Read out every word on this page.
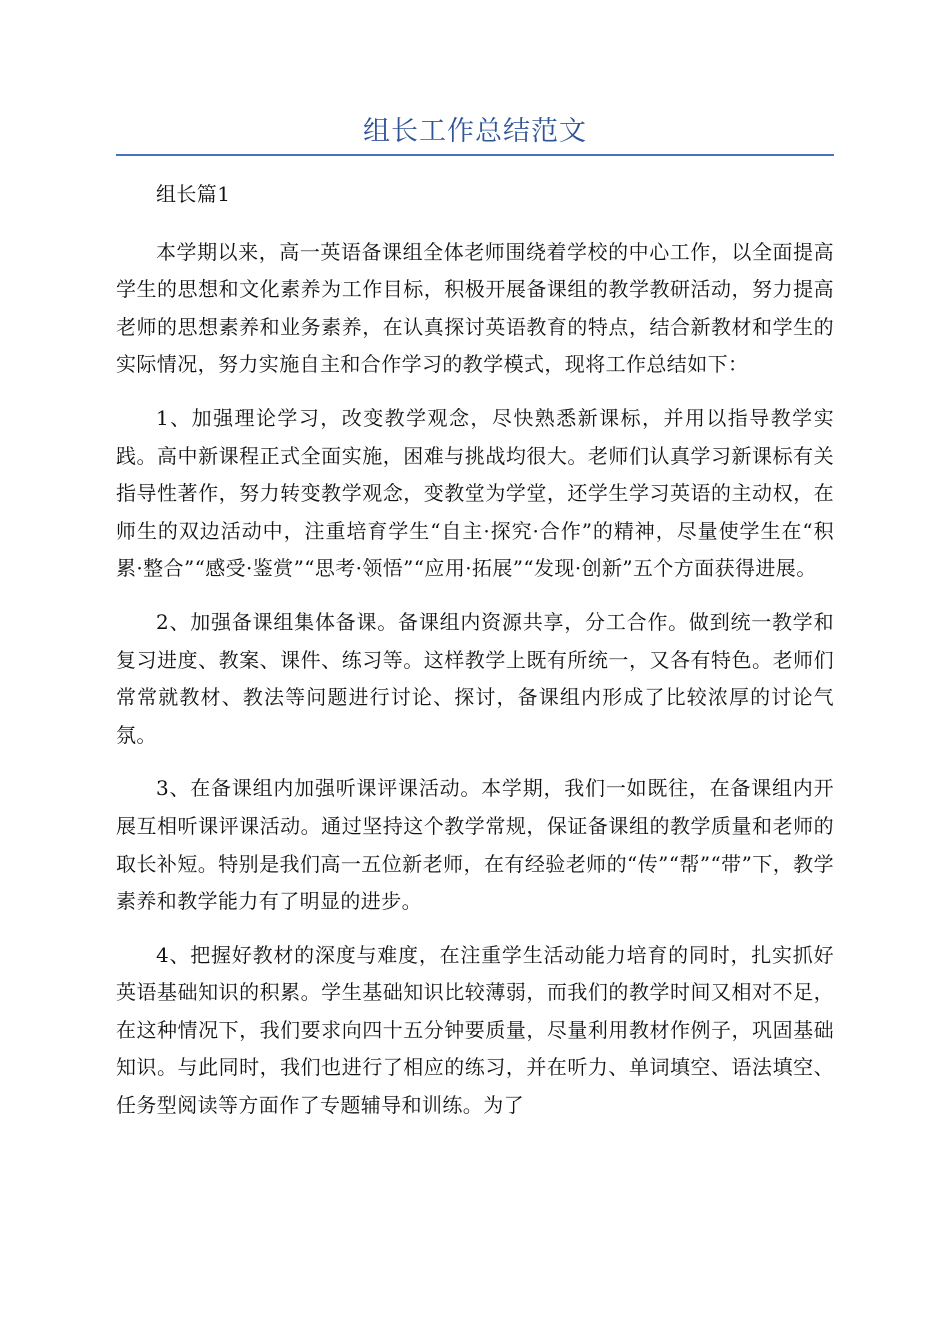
组长工作总结范文

组长篇1

本学期以来，高一英语备课组全体老师围绕着学校的中心工作，以全面提高学生的思想和文化素养为工作目标，积极开展备课组的教学教研活动，努力提高老师的思想素养和业务素养，在认真探讨英语教育的特点，结合新教材和学生的实际情况，努力实施自主和合作学习的教学模式，现将工作总结如下：

1、加强理论学习，改变教学观念，尽快熟悉新课标，并用以指导教学实践。高中新课程正式全面实施，困难与挑战均很大。老师们认真学习新课标有关指导性著作，努力转变教学观念，变教堂为学堂，还学生学习英语的主动权，在师生的双边活动中，注重培育学生“自主·探究·合作”的精神，尽量使学生在“积累·整合”“感受·鉴赏”“思考·领悟”“应用·拓展”“发现·创新”五个方面获得进展。

2、加强备课组集体备课。备课组内资源共享，分工合作。做到统一教学和复习进度、教案、课件、练习等。这样教学上既有所统一，又各有特色。老师们常常就教材、教法等问题进行讨论、探讨，备课组内形成了比较浓厚的讨论气氛。

3、在备课组内加强听课评课活动。本学期，我们一如既往，在备课组内开展互相听课评课活动。通过坚持这个教学常规，保证备课组的教学质量和老师的取长补短。特别是我们高一五位新老师，在有经验老师的“传”“帮”“带”下，教学素养和教学能力有了明显的进步。

4、把握好教材的深度与难度，在注重学生活动能力培育的同时，扎实抓好英语基础知识的积累。学生基础知识比较薄弱，而我们的教学时间又相对不足，在这种情况下，我们要求向四十五分钟要质量，尽量利用教材作例子，巩固基础知识。与此同时，我们也进行了相应的练习，并在听力、单词填空、语法填空、任务型阅读等方面作了专题辅导和训练。为了
